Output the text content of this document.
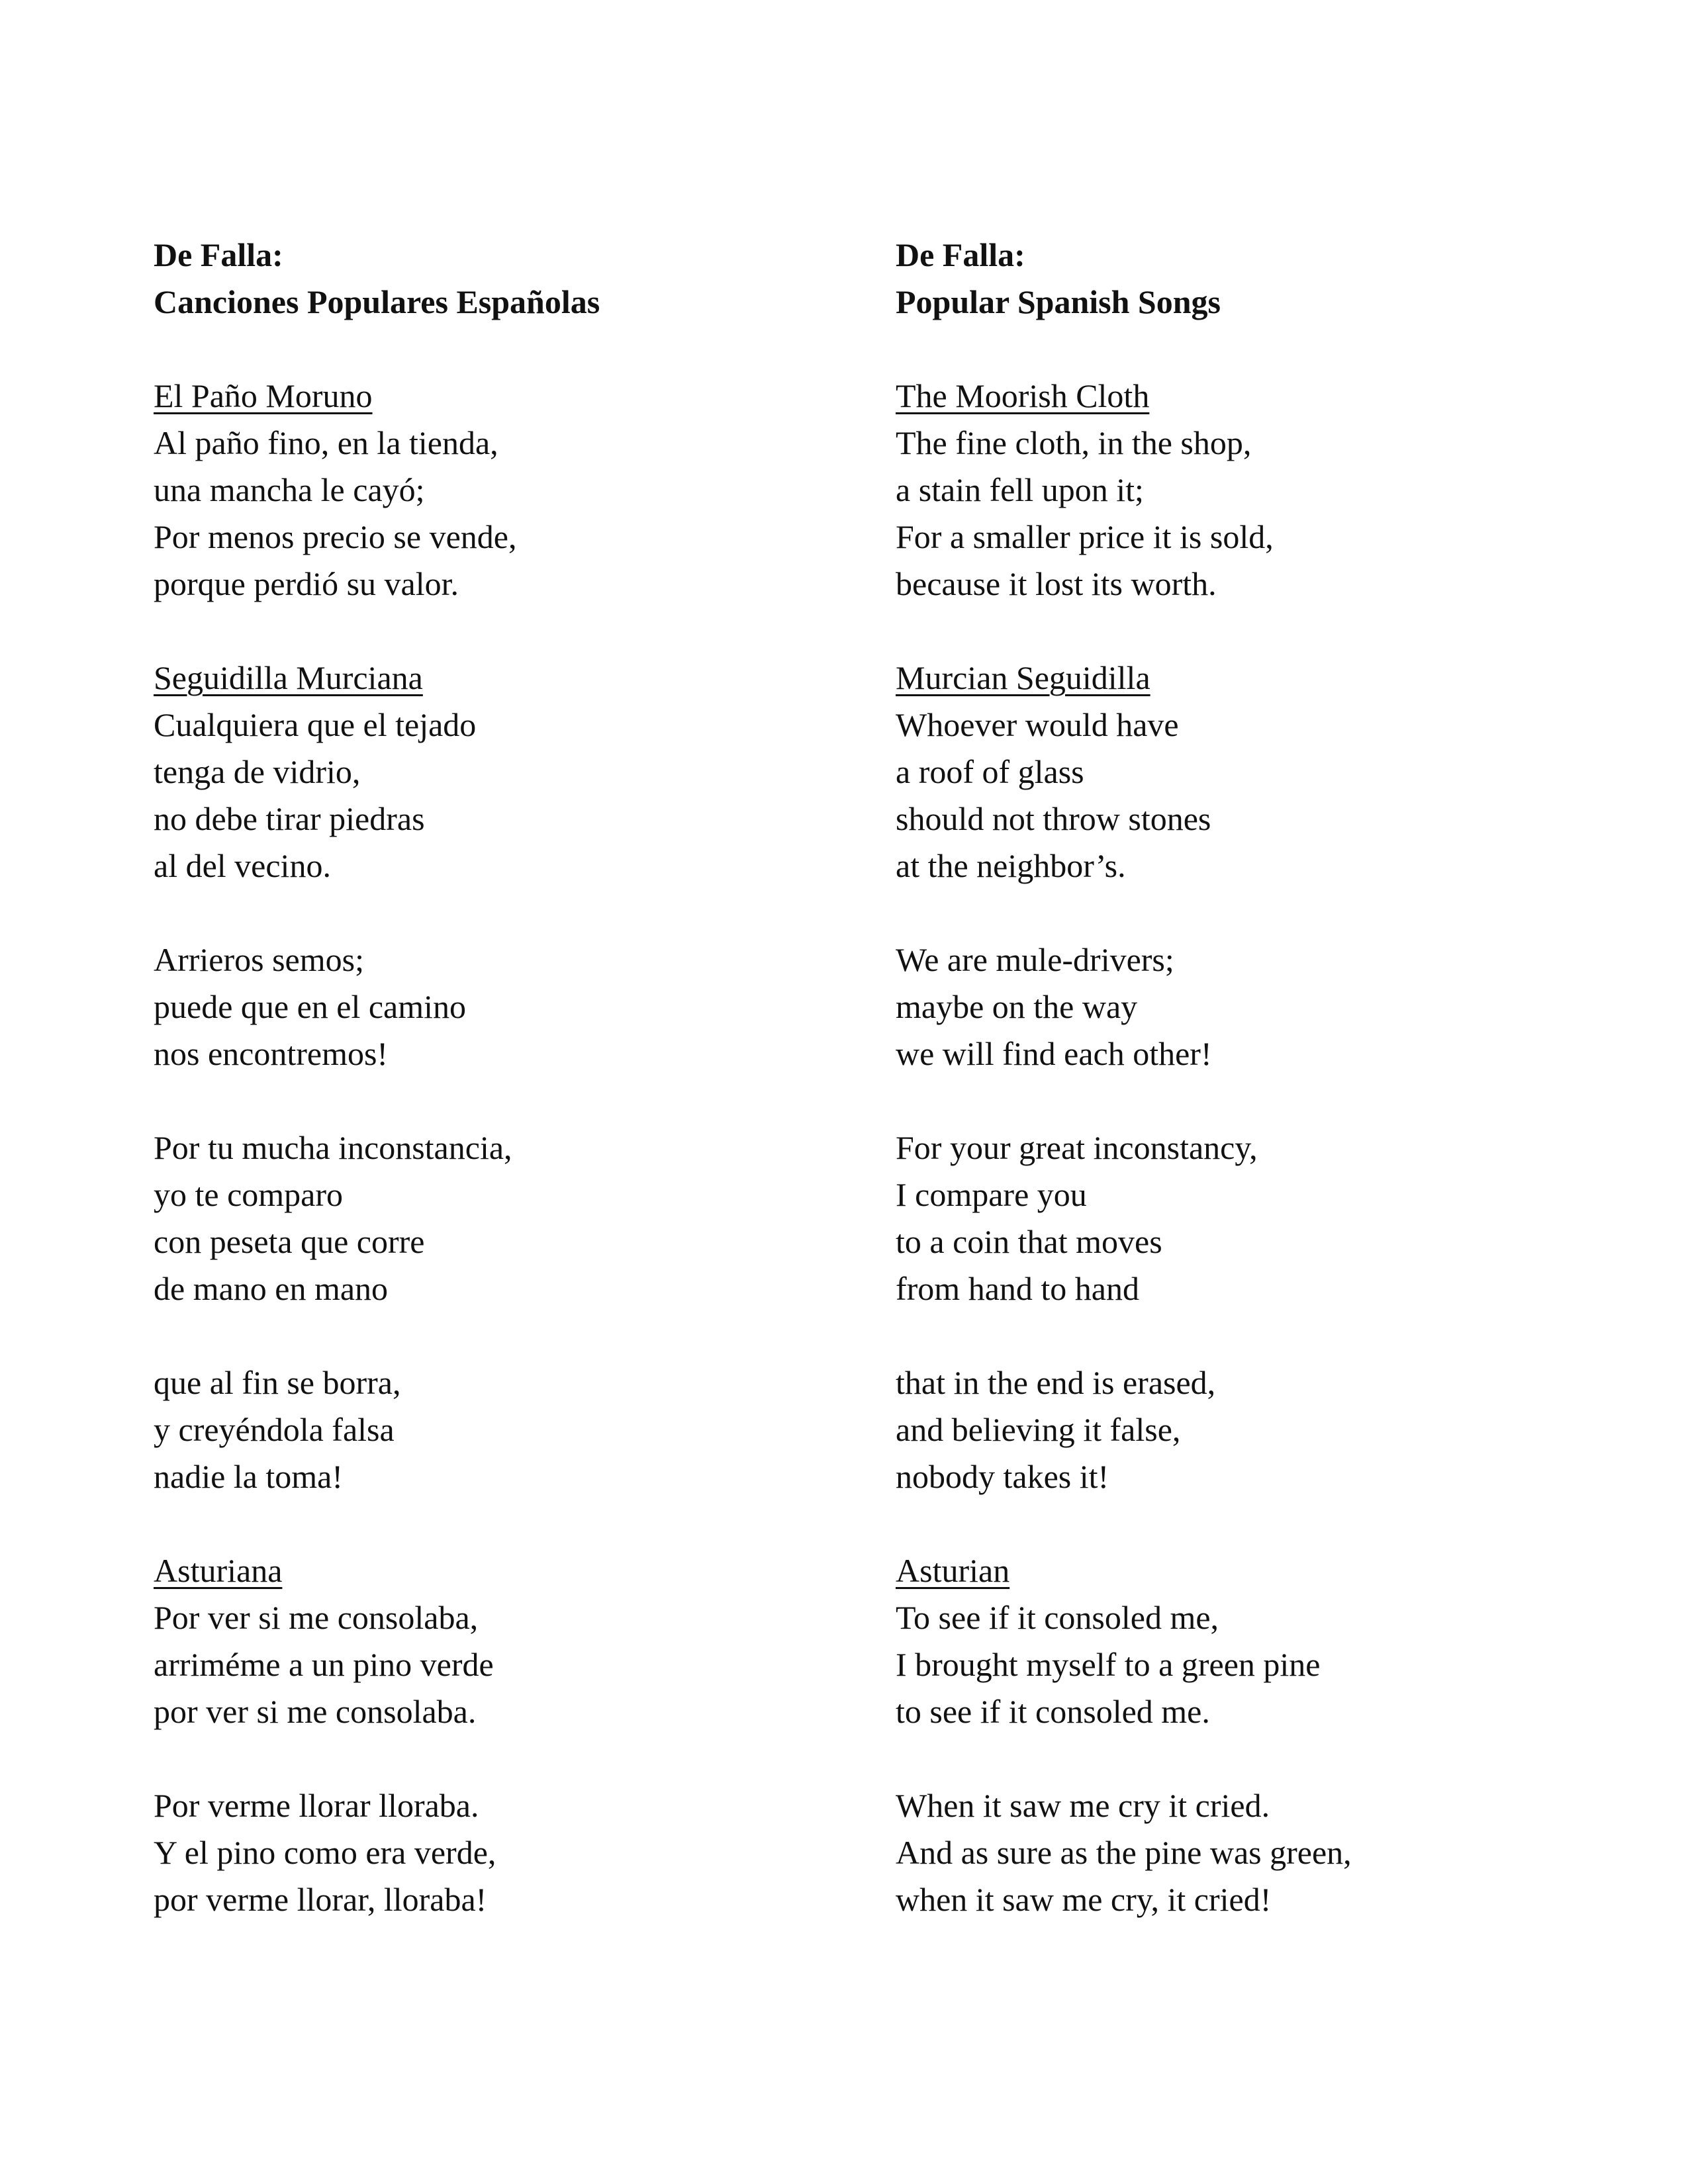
De Falla:
Canciones Populares Españolas
El Paño Moruno
Al paño fino, en la tienda,
una mancha le cayó;
Por menos precio se vende,
porque perdió su valor.
Seguidilla Murciana
Cualquiera que el tejado
tenga de vidrio,
no debe tirar piedras
al del vecino.
Arrieros semos;
puede que en el camino
nos encontremos!
Por tu mucha inconstancia,
yo te comparo
con peseta que corre
de mano en mano
que al fin se borra,
y creyéndola falsa
nadie la toma!
Asturiana
Por ver si me consolaba,
arriméme a un pino verde
por ver si me consolaba.
Por verme llorar lloraba.
Y el pino como era verde,
por verme llorar, lloraba!
De Falla:
Popular Spanish Songs
The Moorish Cloth
The fine cloth, in the shop,
a stain fell upon it;
For a smaller price it is sold,
because it lost its worth.
Murcian Seguidilla
Whoever would have
a roof of glass
should not throw stones
at the neighbor’s.
We are mule-drivers;
maybe on the way
we will find each other!
For your great inconstancy,
I compare you
to a coin that moves
from hand to hand
that in the end is erased,
and believing it false,
nobody takes it!
Asturian
To see if it consoled me,
I brought myself to a green pine
to see if it consoled me.
When it saw me cry it cried.
And as sure as the pine was green,
when it saw me cry, it cried!
